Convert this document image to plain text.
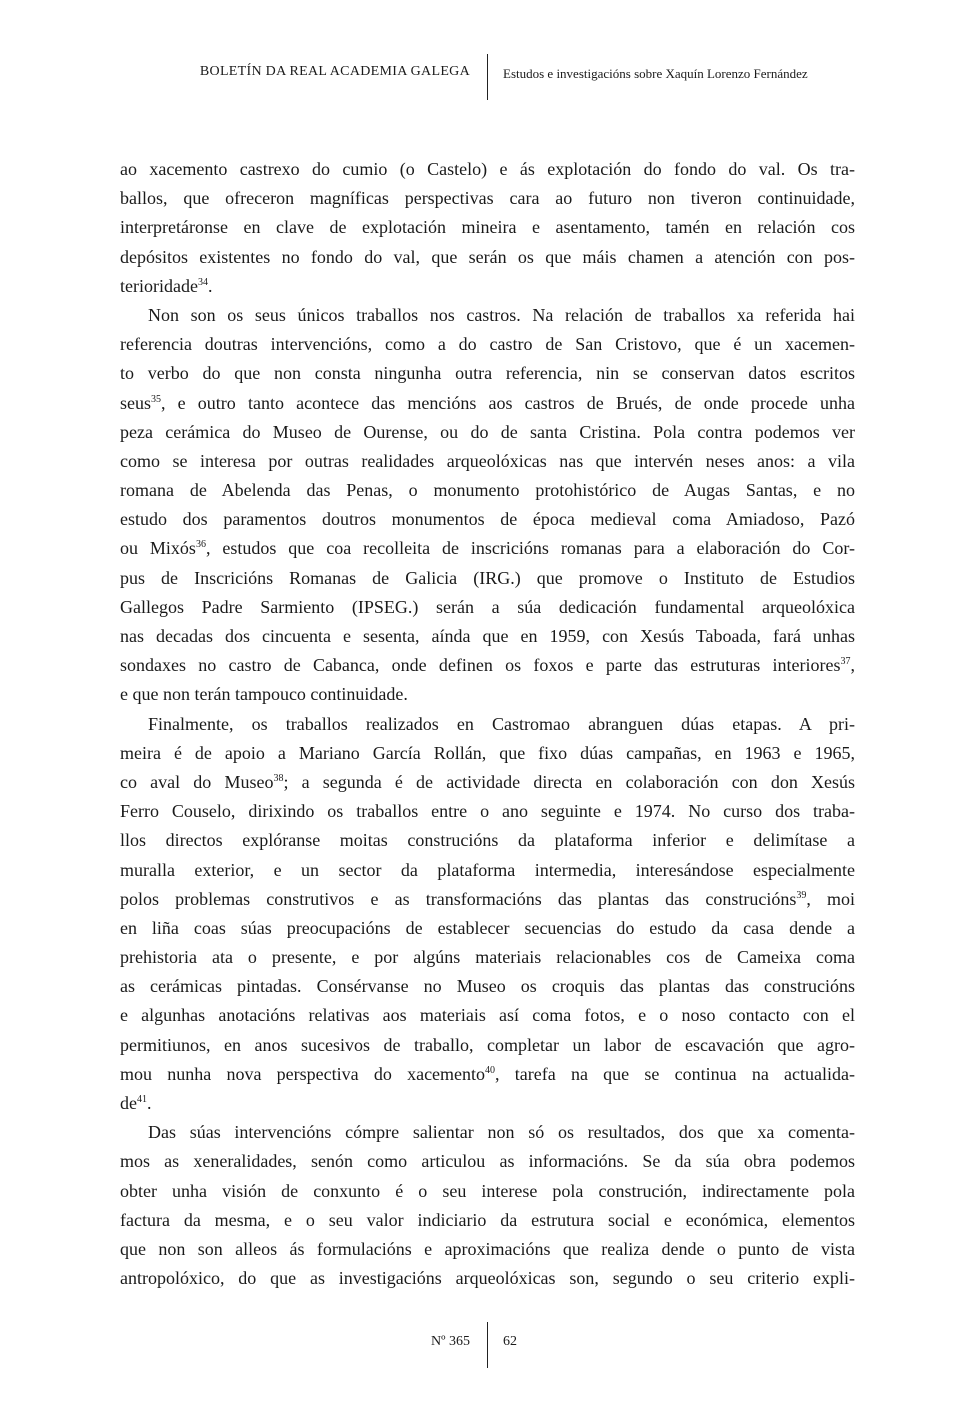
BOLETÍN DA REAL ACADEMIA GALEGA	Estudos e investigacións sobre Xaquín Lorenzo Fernández
ao xacemento castrexo do cumio (o Castelo) e ás explotación do fondo do val. Os tra-
ballos, que ofreceron magníficas perspectivas cara ao futuro non tiveron continuidade,
interpretáronse en clave de explotación mineira e asentamento, tamén en relación cos
depósitos existentes no fondo do val, que serán os que máis chamen a atención con pos-
terioridade$^{34}$.
Non son os seus únicos traballos nos castros. Na relación de traballos xa referida hai
referencia doutras intervencións, como a do castro de San Cristovo, que é un xacemen-
to verbo do que non consta ningunha outra referencia, nin se conservan datos escritos
seus$^{35}$, e outro tanto acontece das mencións aos castros de Brués, de onde procede unha
peza cerámica do Museo de Ourense, ou do de santa Cristina. Pola contra podemos ver
como se interesa por outras realidades arqueolóxicas nas que intervén neses anos: a vila
romana de Abelenda das Penas, o monumento protohistórico de Augas Santas, e no
estudo dos paramentos doutros monumentos de época medieval coma Amiadoso, Pazó
ou Mixós$^{36}$, estudos que coa recolleita de inscricións romanas para a elaboración do Cor-
pus de Inscricións Romanas de Galicia (IRG.) que promove o Instituto de Estudios
Gallegos Padre Sarmiento (IPSEG.) serán a súa dedicación fundamental arqueolóxica
nas decadas dos cincuenta e sesenta, aínda que en 1959, con Xesús Taboada, fará unhas
sondaxes no castro de Cabanca, onde definen os foxos e parte das estruturas interiores$^{37}$,
e que non terán tampouco continuidade.
Finalmente, os traballos realizados en Castromao abranguen dúas etapas. A pri-
meira é de apoio a Mariano García Rollán, que fixo dúas campañas, en 1963 e 1965,
co aval do Museo$^{38}$; a segunda é de actividade directa en colaboración con don Xesús
Ferro Couselo, dirixindo os traballos entre o ano seguinte e 1974. No curso dos traba-
llos directos explóranse moitas construcións da plataforma inferior e delimítase a
muralla exterior, e un sector da plataforma intermedia, interesándose especialmente
polos problemas construtivos e as transformacións das plantas das construcións$^{39}$, moi
en liña coas súas preocupacións de establecer secuencias do estudo da casa dende a
prehistoria ata o presente, e por algúns materiais relacionables cos de Cameixa coma
as cerámicas pintadas. Consérvanse no Museo os croquis das plantas das construcións
e algunhas anotacións relativas aos materiais así coma fotos, e o noso contacto con el
permitiunos, en anos sucesivos de traballo, completar un labor de escavación que agro-
mou nunha nova perspectiva do xacemento$^{40}$, tarefa na que se continua na actualida-
$de^{41}$.
Das súas intervencións cómpre salientar non só os resultados, dos que xa comenta-
mos as xeneralidades, senón como articulou as informacións. Se da súa obra podemos
obter unha visión de conxunto é o seu interese pola construción, indirectamente pola
factura da mesma, e o seu valor indiciario da estrutura social e económica, elementos
que non son alleos ás formulacións e aproximacións que realiza dende o punto de vista
antropolóxico, do que as investigacións arqueolóxicas son, segundo o seu criterio expli-
Nº 365 62
